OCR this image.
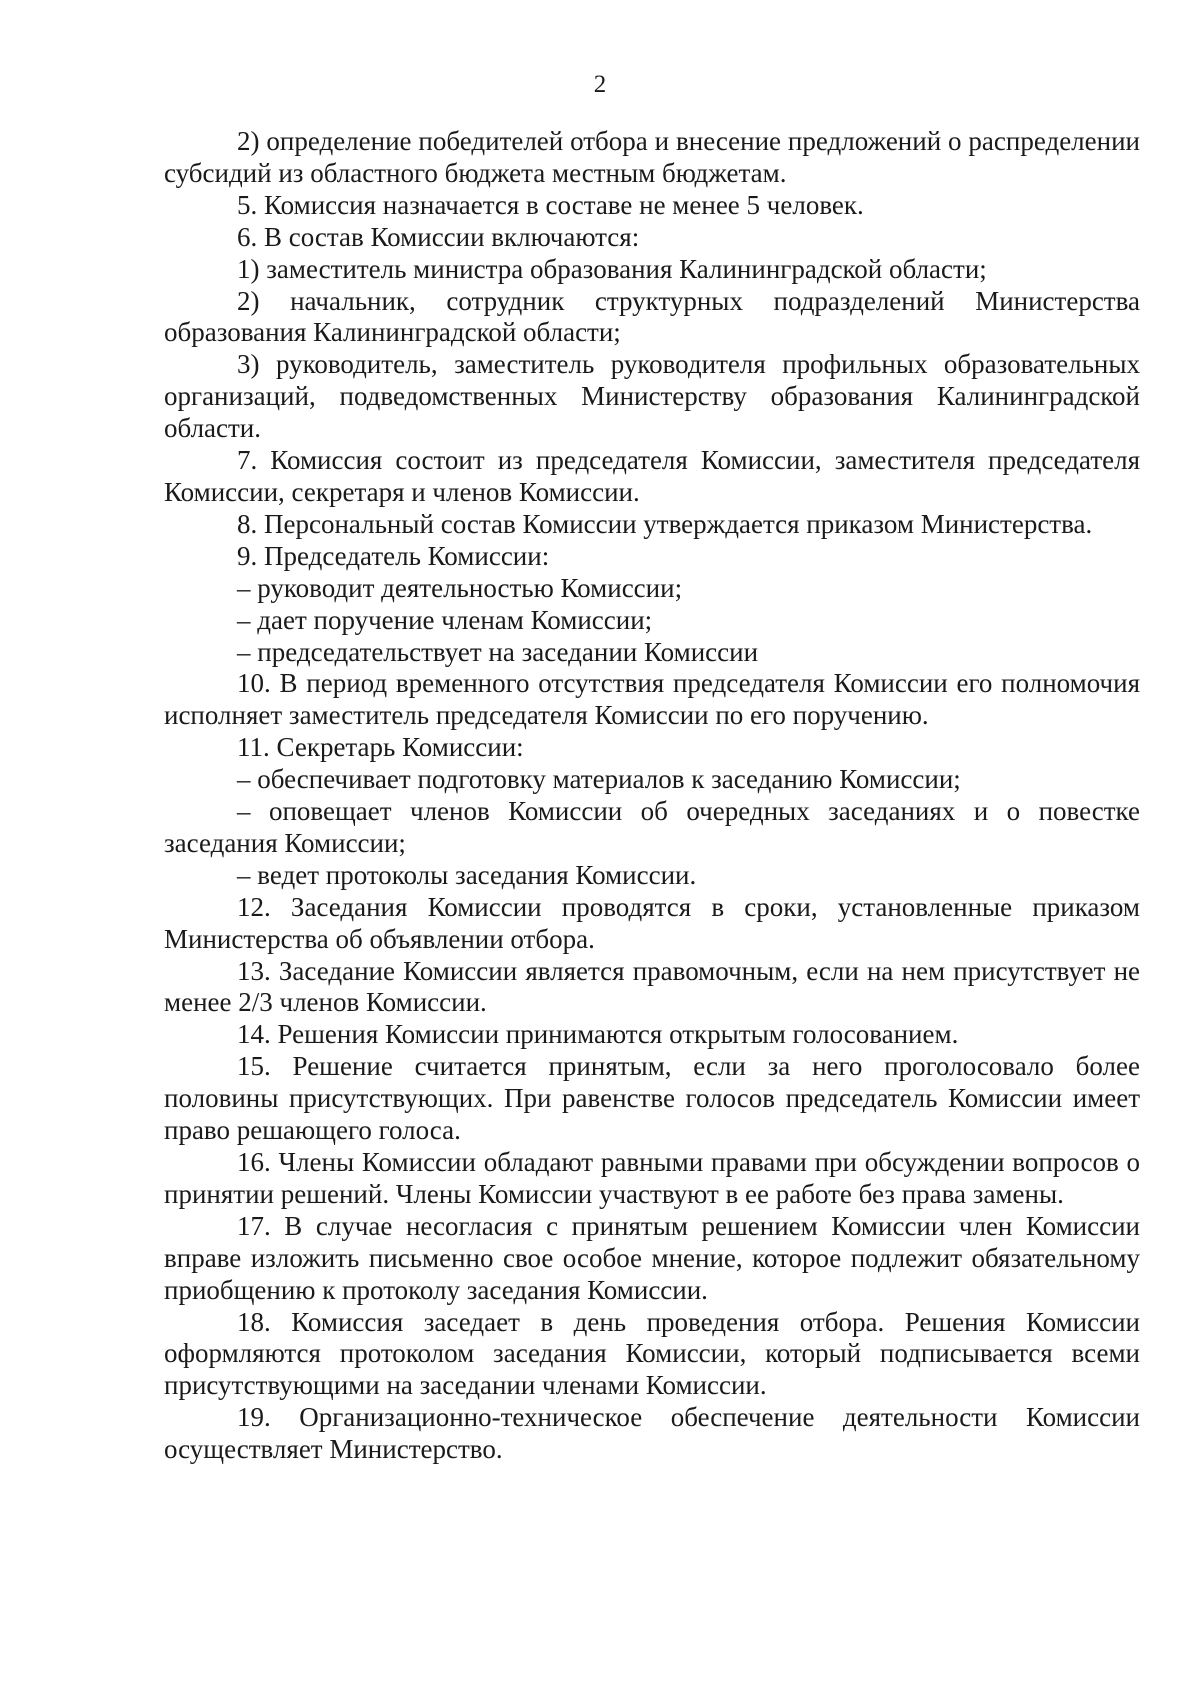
2

2) определение победителей отбора и внесение предложений о распределении субсидий из областного бюджета местным бюджетам.

5. Комиссия назначается в составе не менее 5 человек.

6. В состав Комиссии включаются:

1) заместитель министра образования Калининградской области;

2) начальник, сотрудник структурных подразделений Министерства образования Калининградской области;

3) руководитель, заместитель руководителя профильных образовательных организаций, подведомственных Министерству образования Калининградской области.

7. Комиссия состоит из председателя Комиссии, заместителя председателя Комиссии, секретаря и членов Комиссии.

8. Персональный состав Комиссии утверждается приказом Министерства.

9. Председатель Комиссии:

– руководит деятельностью Комиссии;

– дает поручение членам Комиссии;

– председательствует на заседании Комиссии

10. В период временного отсутствия председателя Комиссии его полномочия исполняет заместитель председателя Комиссии по его поручению.

11. Секретарь Комиссии:

– обеспечивает подготовку материалов к заседанию Комиссии;

– оповещает членов Комиссии об очередных заседаниях и о повестке заседания Комиссии;

– ведет протоколы заседания Комиссии.

12. Заседания Комиссии проводятся в сроки, установленные приказом Министерства об объявлении отбора.

13. Заседание Комиссии является правомочным, если на нем присутствует не менее 2/3 членов Комиссии.

14. Решения Комиссии принимаются открытым голосованием.

15. Решение считается принятым, если за него проголосовало более половины присутствующих. При равенстве голосов председатель Комиссии имеет право решающего голоса.

16. Члены Комиссии обладают равными правами при обсуждении вопросов о принятии решений. Члены Комиссии участвуют в ее работе без права замены.

17. В случае несогласия с принятым решением Комиссии член Комиссии вправе изложить письменно свое особое мнение, которое подлежит обязательному приобщению к протоколу заседания Комиссии.

18. Комиссия заседает в день проведения отбора. Решения Комиссии оформляются протоколом заседания Комиссии, который подписывается всеми присутствующими на заседании членами Комиссии.

19. Организационно-техническое обеспечение деятельности Комиссии осуществляет Министерство.
